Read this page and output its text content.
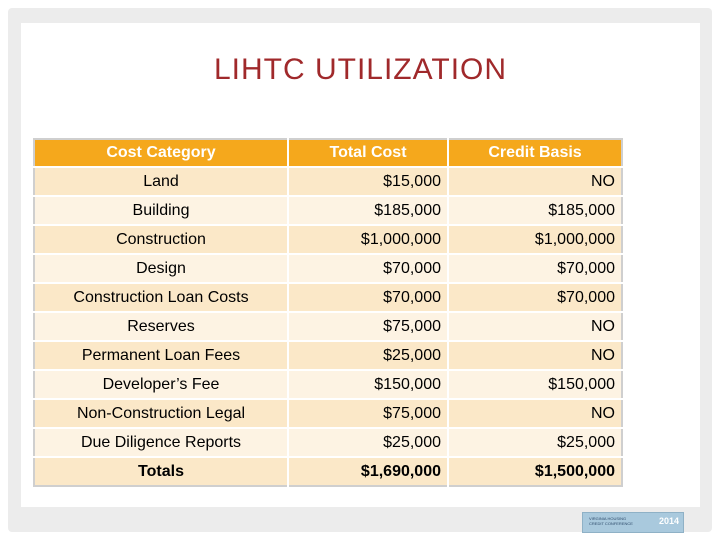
LIHTC UTILIZATION
Cost Category	Total Cost	Credit Basis
Land	$15,000	NO
Building	$185,000	$185,000
Construction	$1,000,000	$1,000,000
Design	$70,000	$70,000
Construction Loan Costs	$70,000	$70,000
Reserves	$75,000	NO
Permanent Loan Fees	$25,000	NO
Developer’s Fee	$150,000	$150,000
Non-Construction Legal	$75,000	NO
Due Diligence Reports	$25,000	$25,000
Totals	$1,690,000	$1,500,000
VIRGINIA HOUSING CREDIT CONFERENCE	2014
